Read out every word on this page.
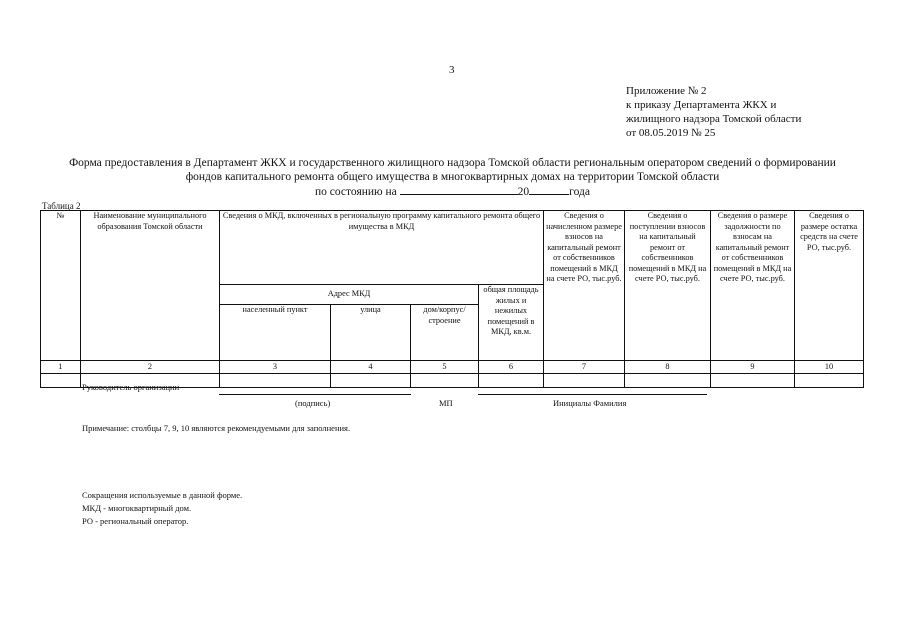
3
Приложение № 2
к приказу Департамента ЖКХ и
жилищного надзора Томской области
от 08.05.2019 № 25
Форма предоставления в Департамент ЖКХ и государственного жилищного надзора Томской области региональным оператором сведений о формировании
фондов капитального ремонта общего имущества в многоквартирных домах на территории Томской области
по состоянию на	20	года
Таблица 2
№	Наименование муниципального образования Томской области	Сведения о МКД, включенных в региональную программу капитального ремонта общего имущества в МКД				Сведения о начисленном размере взносов на капитальный ремонт от собственников помещений в МКД на счете РО, тыс.руб.	Сведения о поступлении взносов на капитальный ремонт от собственников помещений в МКД на счете РО, тыс.руб.	Сведения о размере задолжности по взносам на капитальный ремонт от собственников помещений в МКД на счете РО, тыс.руб.	Сведения о размере остатка средств на счете РО, тыс.руб.
		Адрес МКД			общая площадь жилых и нежилых помещений в МКД, кв.м.				
		населенный пункт	улица	дом/корпус/ строение					
1	2	3	4	5	6	7	8	9	10

Руководитель организации
(подпись)	МП	Инициалы Фамилия
Примечание: столбцы 7, 9, 10 являются рекомендуемыми для заполнения.
Сокращения используемые в данной форме.
МКД - многоквартирный дом.
РО - региональный оператор.
